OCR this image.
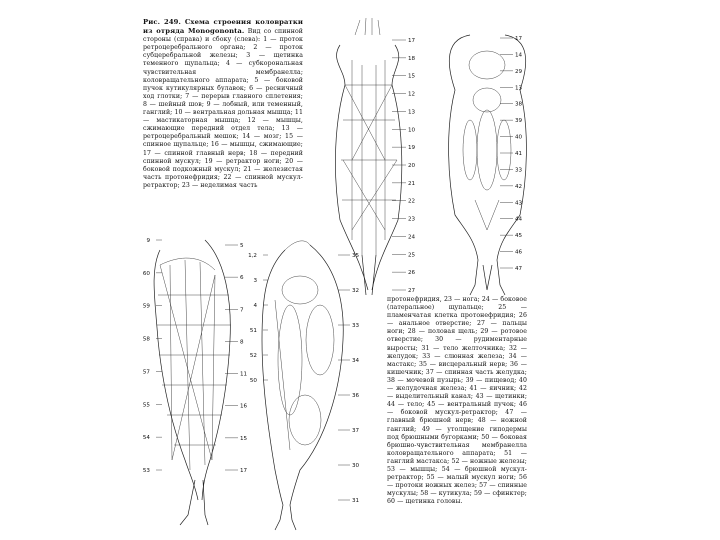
Рис. 249. Схема строения коловратки из отряда Monogononta. Вид со спинной стороны (справа) и сбоку (слева): 1 — проток ретроцеребрального органа; 2 — проток субцеребральной железы; 3 — щетинка теменного щупальца; 4 — субкорональная чувствительная мембранелла; коловращательного аппарата; 5 — боковой пучок кутикулярных булавок; 6 — ресничный ход глотки; 7 — перерыв главного сплетения; 8 — шейный шов; 9 — лобный, или теменный, ганглий; 10 — вентральная дольная мышца; 11 — мастикаторная мышца; 12 — мышцы, сжимающие передний отдел тела; 13 — ретроцеребральный мешок; 14 — мозг; 15 — спинное щупальце; 16 — мышцы, сжимающие; 17 — спинной главный нерв; 18 — передний спинной мускул; 19 — ретрактор ноги; 20 — боковой подкожный мускул; 21 — железистая часть протонефридия; 22 — спинной мускул-ретрактор; 23 — неделимая часть
протонефридия, 23 — нога; 24 — боковое (латеральное) щупальце; 25 — пламенчатая клетка протонефридия; 26 — анальное отверстие; 27 — пальцы ноги; 28 — половая щель; 29 — ротовое отверстие; 30 — рудиментарные выросты; 31 — тело желточника; 32 — желудок; 33 — слюнная железа; 34 — мастакс; 35 — висцеральный нерв; 36 — кишечник; 37 — спинная часть желудка; 38 — мочевой пузырь; 39 — пищевод; 40 — желудочная железа; 41 — яичник; 42 — выделительный канал; 43 — щетинки; 44 — тело; 45 — вентральный пучок; 46 — боковой мускул-ретрактор; 47 — главный брюшной нерв; 48 — ножной ганглий; 49 — утолщение гиподермы под брюшными бугорками; 50 — боковая брюшно-чувствительная мембранелла коловращательного аппарата; 51 — ганглий мастакса; 52 — ножные железы; 53 — мышцы; 54 — брюшной мускул-ретрактор; 55 — малый мускул ноги; 56 — протоки ножных желез; 57 — спинные мускулы; 58 — кутикула; 59 — сфинктер; 60 — щетинка головы.
17
18
15
12
13
10
19
20
21
22
23
24
25
26
27
17
14
29
13
38
39
40
41
33
42
43
44
45
46
47
9
60
59
58
57
55
54
53
5
6
7
8
11
16
15
17
1,2
3
4
51
52
50
35
32
33
34
36
37
30
31
